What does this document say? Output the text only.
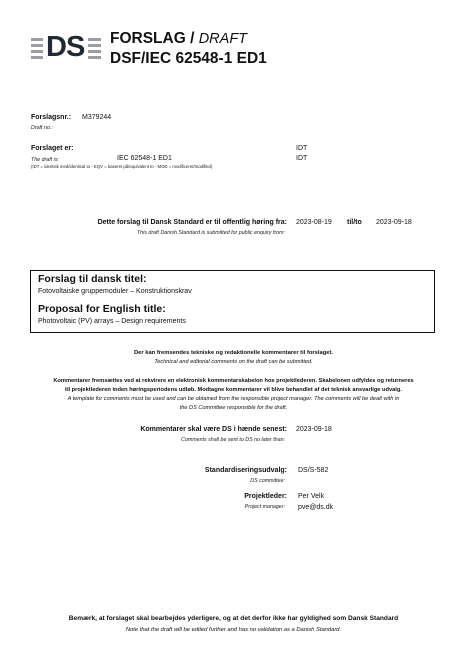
DS FORSLAG / DRAFT
DSF/IEC 62548-1 ED1
Forslagsnr.: M379244
Draft no.:
Forslaget er:	IDT
The draft is:	IEC 62548-1 ED1	IDT
(IDT = identisk med/identical to - EQV = baseret på/equivalent to - MOD = modificeret/modified)
Dette forslag til Dansk Standard er til offentlig høring fra:
This draft Danish Standard is submitted for public enquiry from:
2023-08-19 til/to 2023-09-18
Forslag til dansk titel:
Fotovoltaiske gruppemoduler – Konstruktionskrav
Proposal for English title:
Photovoltaic (PV) arrays – Design requirements
Der kan fremsendes tekniske og redaktionelle kommentarer til forslaget.
Technical and editorial comments on the draft can be submitted.
Kommentarer fremsættes ved at rekvirere en elektronisk kommentarskabelon hos projektlederen. Skabelonen udfyldes og returneres
til projektlederen inden høringsperiodens udløb. Modtagne kommentarer vil blive behandlet af det teknisk ansvarlige udvalg.
A template for comments must be used and can be obtained from the responsible project manager. The comments will be dealt with in
the DS Committee responsible for the draft.
Kommentarer skal være DS i hænde senest:
Comments shall be sent to DS no later than:
2023-09-18
Standardiseringsudvalg:
DS committee:
DS/S-582
Projektleder:
Project manager:
Per Velk
pve@ds.dk
Bemærk, at forslaget skal bearbejdes yderligere, og at det derfor ikke har gyldighed som Dansk Standard
Note that the draft will be edited further and has no validation as a Danish Standard.
